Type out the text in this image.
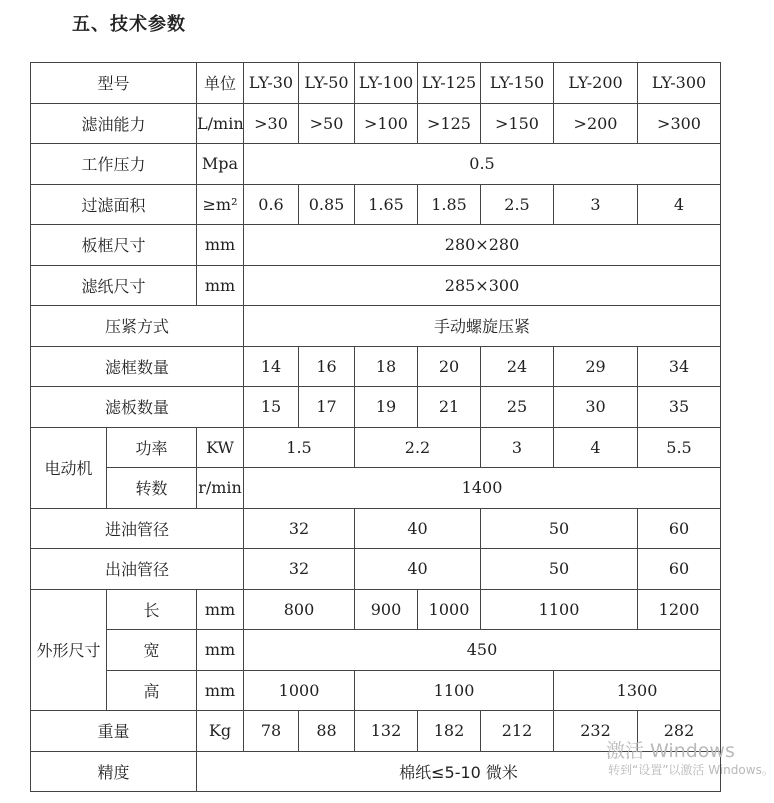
五、技术参数
型号		单位	LY-30	LY-50	LY-100	LY-125	LY-150	LY-200	LY-300
滤油能力		L/min	>30	>50	>100	>125	>150	>200	>300
工作压力		Mpa	0.5						
过滤面积		≥m²	0.6	0.85	1.65	1.85	2.5	3	4
板框尺寸		mm	280×280						
滤纸尺寸		mm	285×300						
压紧方式			手动螺旋压紧						
滤框数量			14	16	18	20	24	29	34
滤板数量			15	17	19	21	25	30	35
电动机	功率	KW	1.5		2.2		3	4	5.5
	转数	r/min	1400						
进油管径			32		40		50		60
出油管径			32		40		50		60
外形尺寸	长	mm	800		900	1000	1100		1200
	宽	mm	450						
	高	mm	1000		1100			1300	
重量		Kg	78	88	132	182	212	232	282
精度		棉纸≤5-10 微米							
激活 Windows
转到“设置”以激活 Windows。
